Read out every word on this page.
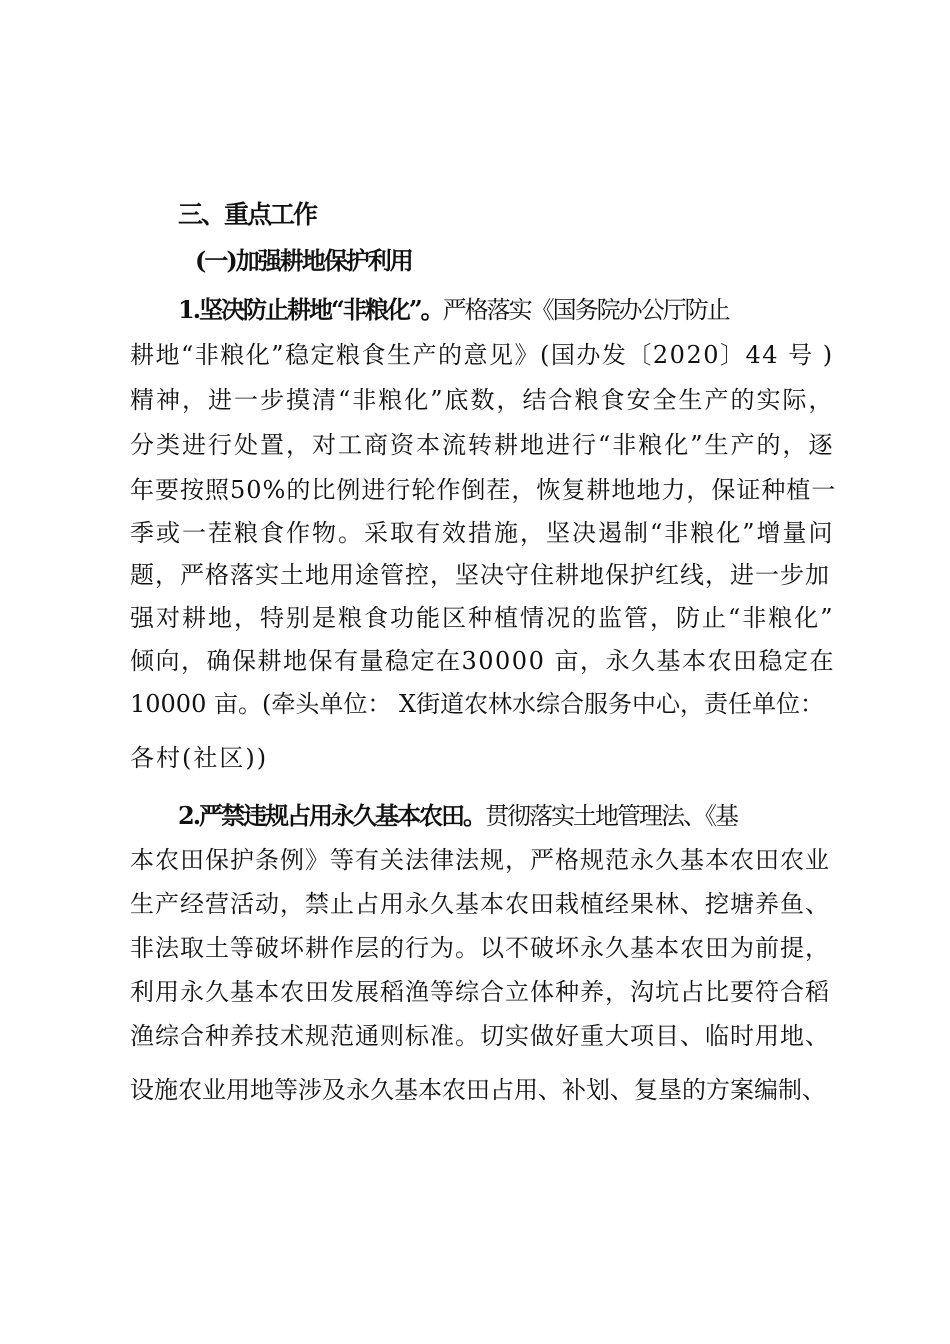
三、重点工作
(一)加强耕地保护利用
1.坚决防止耕地“非粮化”。严格落实《国务院办公厅防止
耕地“非粮化”稳定粮食生产的意见》(国办发〔2020〕44 号 )
精神，进一步摸清“非粮化”底数，结合粮食安全生产的实际，
分类进行处置，对工商资本流转耕地进行“非粮化”生产的，逐
年要按照50%的比例进行轮作倒茬，恢复耕地地力，保证种植一
季或一茬粮食作物。采取有效措施，坚决遏制“非粮化”增量问
题，严格落实土地用途管控，坚决守住耕地保护红线，进一步加
强对耕地，特别是粮食功能区种植情况的监管，防止“非粮化”
倾向，确保耕地保有量稳定在30000 亩，永久基本农田稳定在
10000 亩。(牵头单位： X街道农林水综合服务中心，责任单位：
各村(社区))
2.严禁违规占用永久基本农田。贯彻落实土地管理法、《基
本农田保护条例》等有关法律法规，严格规范永久基本农田农业
生产经营活动，禁止占用永久基本农田栽植经果林、挖塘养鱼、
非法取土等破坏耕作层的行为。以不破坏永久基本农田为前提，
利用永久基本农田发展稻渔等综合立体种养，沟坑占比要符合稻
渔综合种养技术规范通则标准。切实做好重大项目、临时用地、
设施农业用地等涉及永久基本农田占用、补划、复垦的方案编制、
